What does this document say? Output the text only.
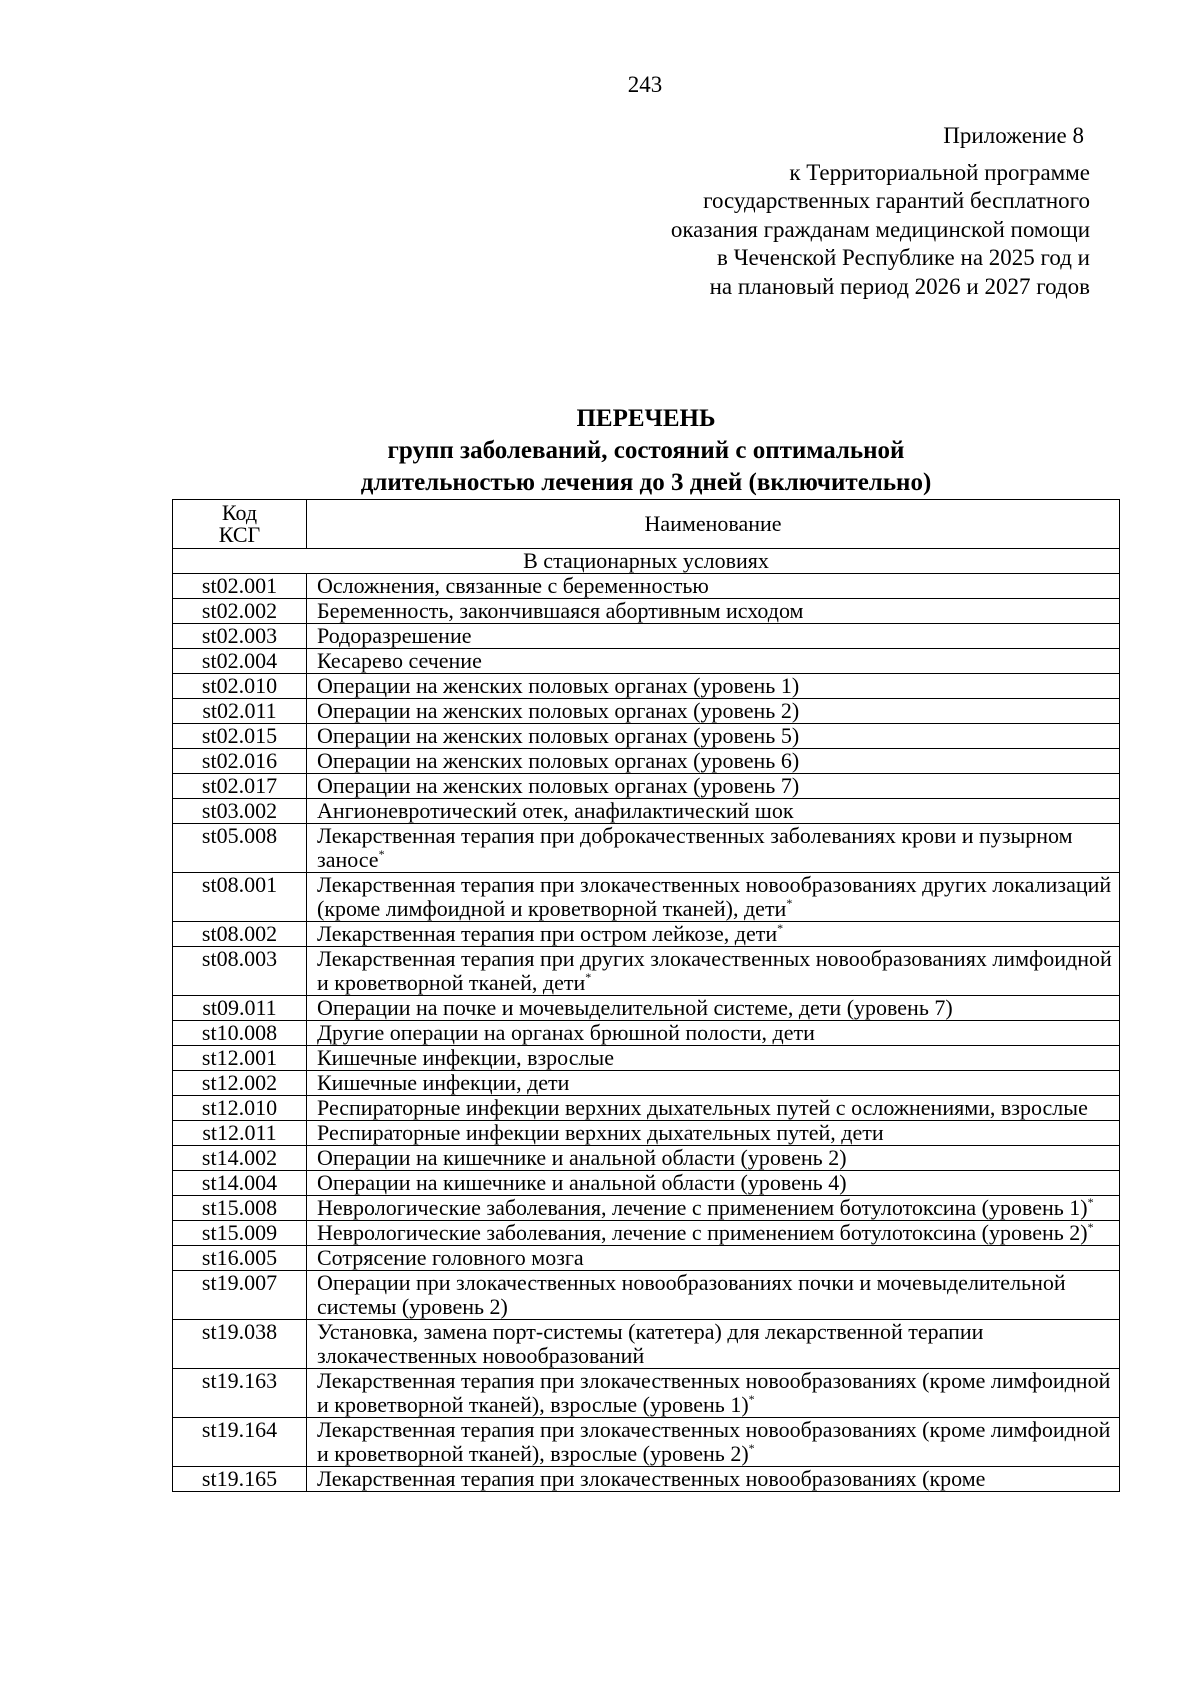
243
Приложение 8
к Территориальной программе
государственных гарантий бесплатного
оказания гражданам медицинской помощи
в Чеченской Республике на 2025 год и
на плановый период 2026 и 2027 годов
ПЕРЕЧЕНЬ
групп заболеваний, состояний с оптимальной
длительностью лечения до 3 дней (включительно)
Код
КСГ	Наименование
В стационарных условиях	
st02.001	Осложнения, связанные с беременностью
st02.002	Беременность, закончившаяся абортивным исходом
st02.003	Родоразрешение
st02.004	Кесарево сечение
st02.010	Операции на женских половых органах (уровень 1)
st02.011	Операции на женских половых органах (уровень 2)
st02.015	Операции на женских половых органах (уровень 5)
st02.016	Операции на женских половых органах (уровень 6)
st02.017	Операции на женских половых органах (уровень 7)
st03.002	Ангионевротический отек, анафилактический шок
st05.008	Лекарственная терапия при доброкачественных заболеваниях крови и пузырном заносе*
st08.001	Лекарственная терапия при злокачественных новообразованиях других локализаций (кроме лимфоидной и кроветворной тканей), дети*
st08.002	Лекарственная терапия при остром лейкозе, дети*
st08.003	Лекарственная терапия при других злокачественных новообразованиях лимфоидной и кроветворной тканей, дети*
st09.011	Операции на почке и мочевыделительной системе, дети (уровень 7)
st10.008	Другие операции на органах брюшной полости, дети
st12.001	Кишечные инфекции, взрослые
st12.002	Кишечные инфекции, дети
st12.010	Респираторные инфекции верхних дыхательных путей с осложнениями, взрослые
st12.011	Респираторные инфекции верхних дыхательных путей, дети
st14.002	Операции на кишечнике и анальной области (уровень 2)
st14.004	Операции на кишечнике и анальной области (уровень 4)
st15.008	Неврологические заболевания, лечение с применением ботулотоксина (уровень 1)*
st15.009	Неврологические заболевания, лечение с применением ботулотоксина (уровень 2)*
st16.005	Сотрясение головного мозга
st19.007	Операции при злокачественных новообразованиях почки и мочевыделительной системы (уровень 2)
st19.038	Установка, замена порт-системы (катетера) для лекарственной терапии злокачественных новообразований
st19.163	Лекарственная терапия при злокачественных новообразованиях (кроме лимфоидной и кроветворной тканей), взрослые (уровень 1)*
st19.164	Лекарственная терапия при злокачественных новообразованиях (кроме лимфоидной и кроветворной тканей), взрослые (уровень 2)*
st19.165	Лекарственная терапия при злокачественных новообразованиях (кроме
